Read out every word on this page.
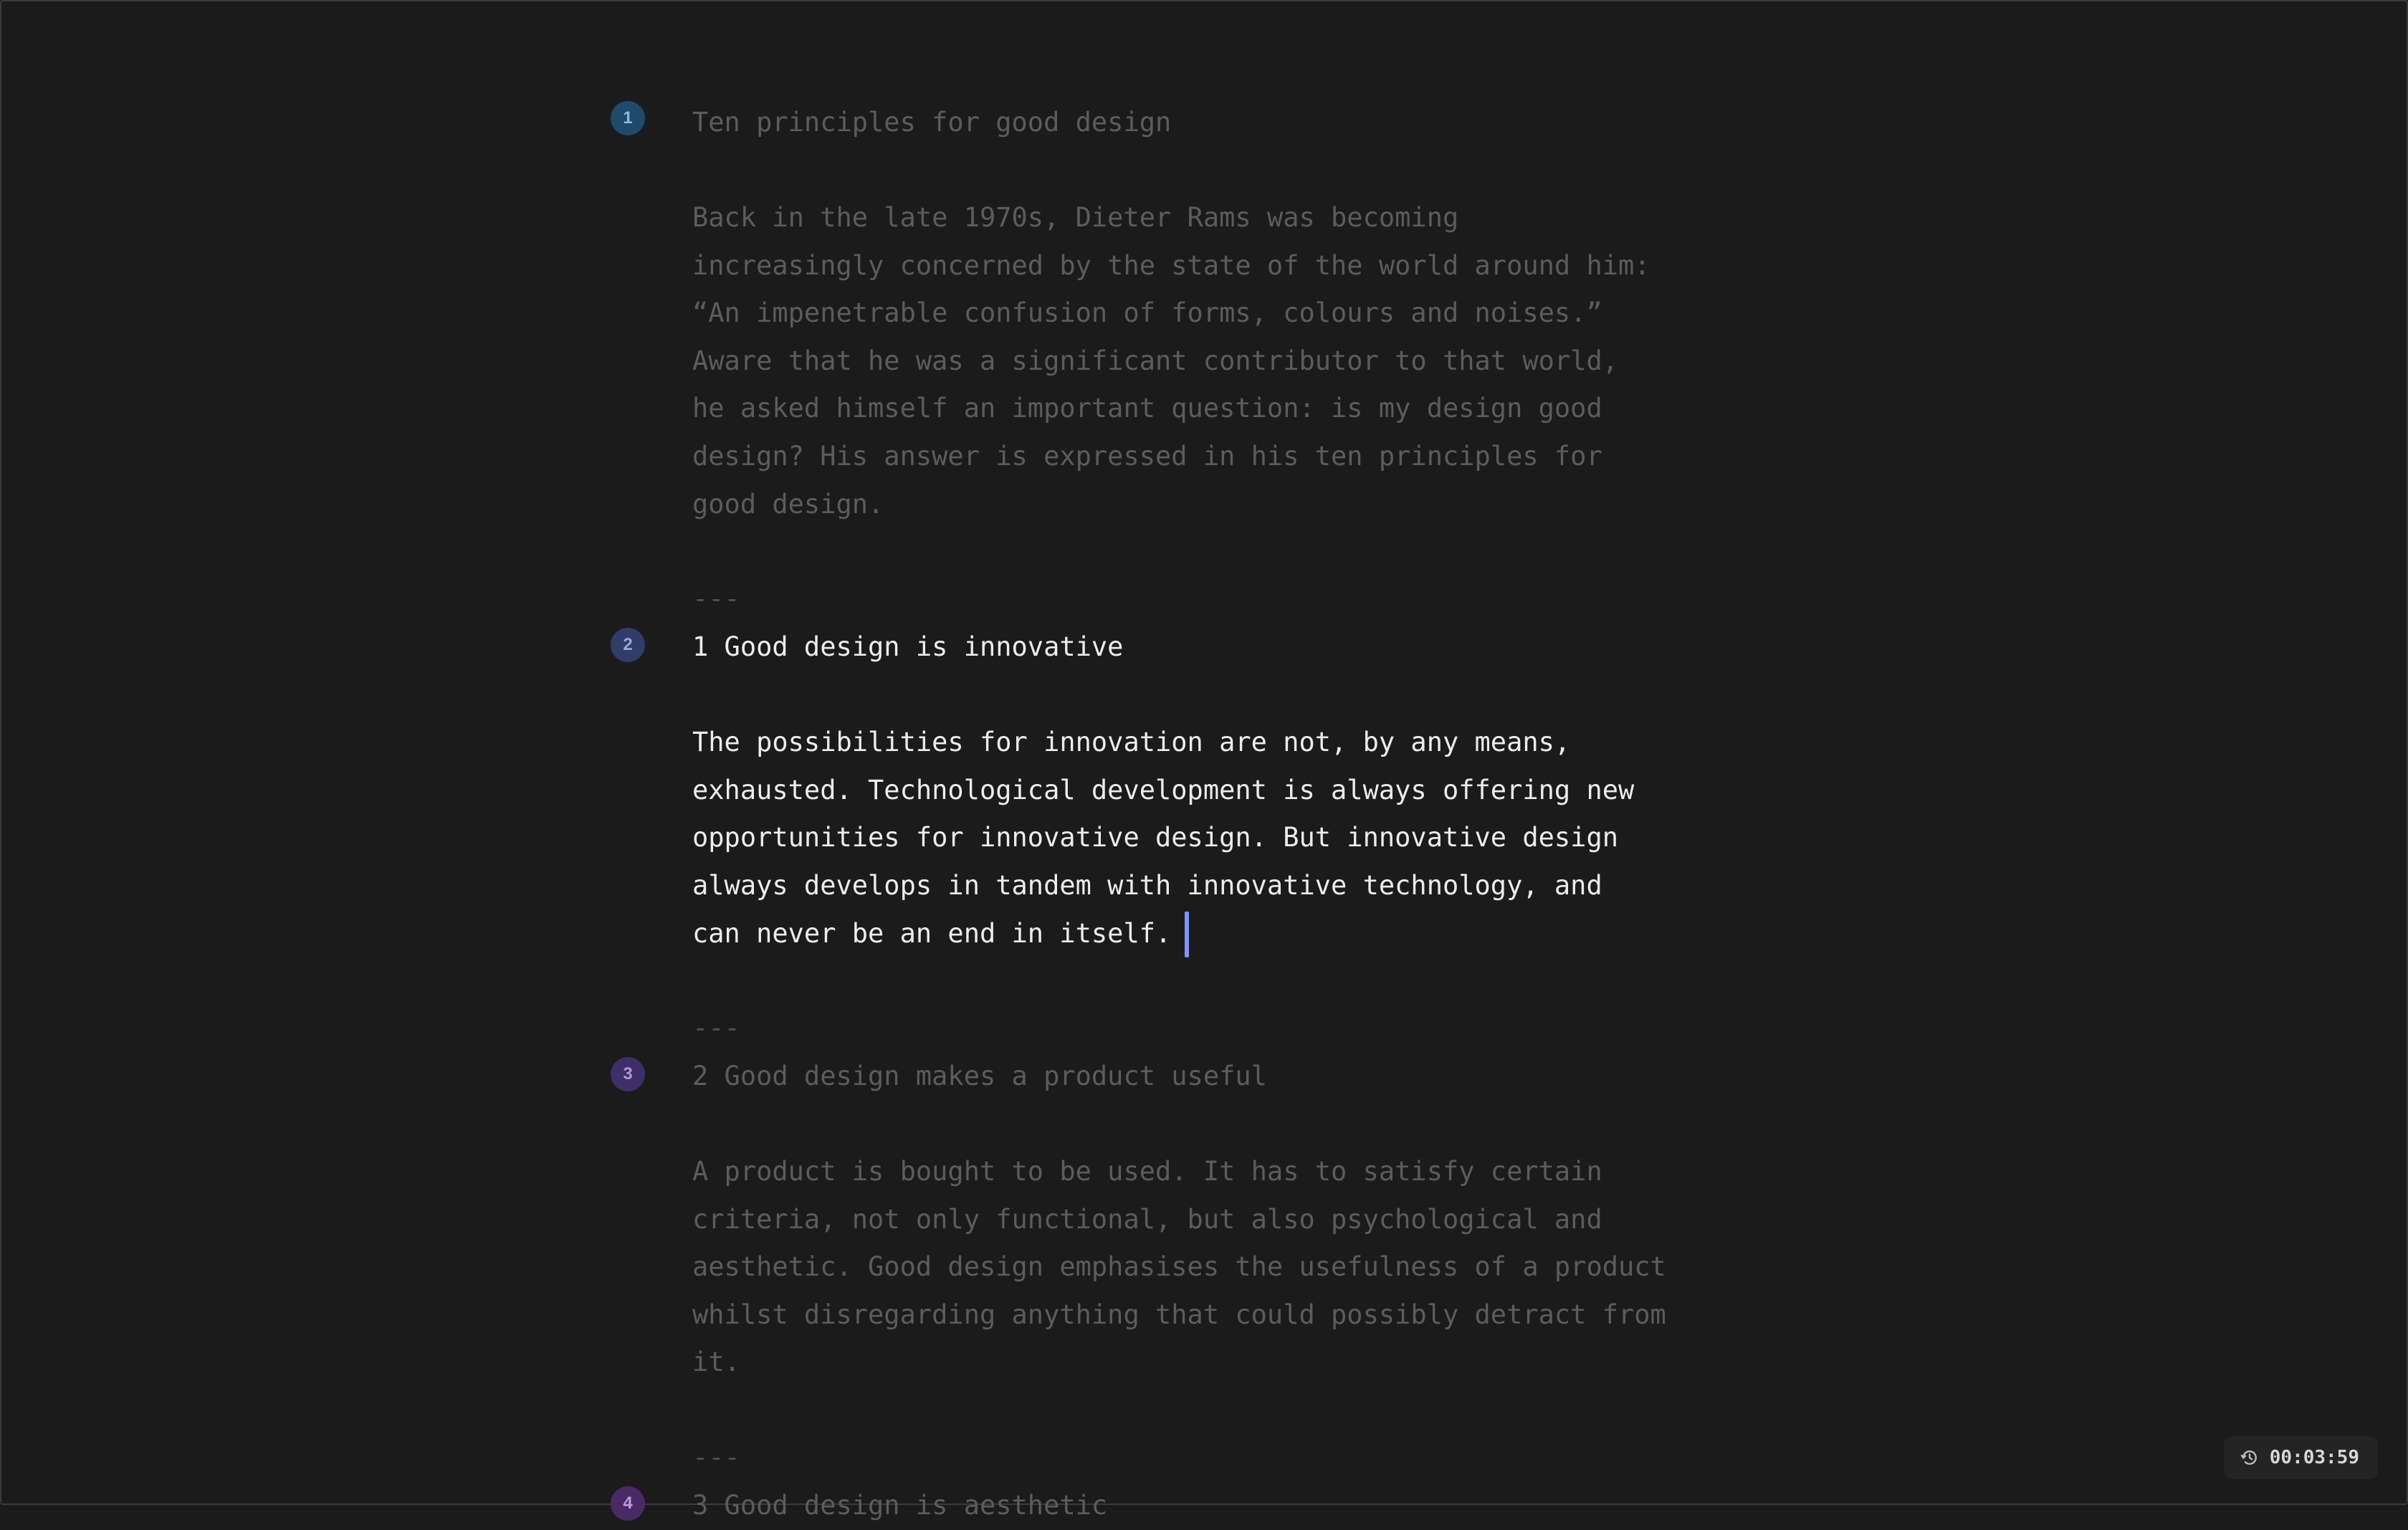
1	Ten principles for good design
Back in the late 1970s, Dieter Rams was becoming
increasingly concerned by the state of the world around him:
“An impenetrable confusion of forms, colours and noises.”
Aware that he was a significant contributor to that world,
he asked himself an important question: is my design good
design? His answer is expressed in his ten principles for
good design.
---
2	1 Good design is innovative
The possibilities for innovation are not, by any means,
exhausted. Technological development is always offering new
opportunities for innovative design. But innovative design
always develops in tandem with innovative technology, and
can never be an end in itself.
---
3	2 Good design makes a product useful
A product is bought to be used. It has to satisfy certain
criteria, not only functional, but also psychological and
aesthetic. Good design emphasises the usefulness of a product
whilst disregarding anything that could possibly detract from
it.
---
4	3 Good design is aesthetic
00:03:59
